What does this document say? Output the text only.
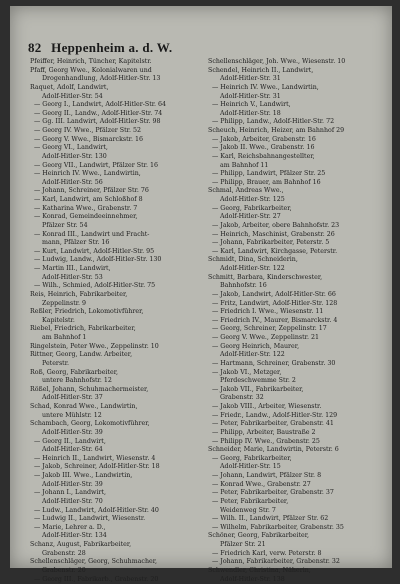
82 Heppenheim a. d. W.
Pfeiffer, Heinrich, Tüncher, Kapitelstr.
Pfaff, Georg Wwe., Kolonialwaren und
Drogenhandlung, Adolf-Hitler-Str. 13
Raquet, Adolf, Landwirt,
Adolf-Hitler-Str. 54
— Georg I., Landwirt, Adolf-Hitler-Str. 64
— Georg II., Landw., Adolf-Hitler-Str. 74
— Gg. III. Landwirt, Adolf-Hitler-Str. 98
— Georg IV. Wwe., Pfälzer Str. 52
— Georg V. Wwe., Bismarckstr. 16
— Georg VI., Landwirt,
Adolf-Hitler-Str. 130
— Georg VII., Landwirt, Pfälzer Str. 16
— Heinrich IV. Wwe., Landwirtin,
Adolf-Hitler-Str. 56
— Johann, Schreiner, Pfälzer Str. 76
— Karl, Landwirt, am Schloßhof 8
— Katharina Wwe., Grabenstr. 7
— Konrad, Gemeindeeinnehmer,
Pfälzer Str. 54
— Konrad III., Landwirt und Fracht-
mann, Pfälzer Str. 16
— Kurt, Landwirt, Adolf-Hitler-Str. 95
— Ludwig, Landw., Adolf-Hitler-Str. 130
— Martin III., Landwirt,
Adolf-Hitler-Str. 53
— Wilh., Schmied, Adolf-Hitler-Str. 75
Reis, Heinrich, Fabrikarbeiter,
Zeppelinstr. 9
Reßler, Friedrich, Lokomotivführer,
Kapitelstr.
Riebel, Friedrich, Fabrikarbeiter,
am Bahnhof 1
Ringelstein, Peter Wwe., Zeppelinstr. 10
Rittner, Georg, Landw. Arbeiter,
Peterstr.
Roß, Georg, Fabrikarbeiter,
untere Bahnhofstr. 12
Rößel, Johann, Schuhmachermeister,
Adolf-Hitler-Str. 37
Schad, Konrad Wwe., Landwirtin,
untere Mühlstr. 12
Schambach, Georg, Lokomotivführer,
Adolf-Hitler-Str. 39
— Georg II., Landwirt,
Adolf-Hitler-Str. 64
— Heinrich II., Landwirt, Wiesenstr. 4
— Jakob, Schreiner, Adolf-Hitler-Str. 18
— Jakob III. Wwe., Landwirtin,
Adolf-Hitler-Str. 39
— Johann I., Landwirt,
Adolf-Hitler-Str. 70
— Ludw., Landwirt, Adolf-Hitler-Str. 40
— Ludwig II., Landwirt, Wiesenstr.
— Marie, Lehrer a. D.,
Adolf-Hitler-Str. 134
Schanz, August, Fabrikarbeiter,
Grabenstr. 28
Schellenschläger, Georg, Schuhmacher,
Grabenstr. 20
— Georg III., Fabrikarb., Grabenstr. 20
Schellenschläger, Joh. Wwe., Wiesenstr. 10
Schendel, Heinrich II., Landwirt,
Adolf-Hitler-Str. 31
— Heinrich IV. Wwe., Landwirtin,
Adolf-Hitler-Str. 31
— Heinrich V., Landwirt,
Adolf-Hitler-Str. 18
— Philipp, Landw., Adolf-Hitler-Str. 72
Scheuch, Heinrich, Heizer, am Bahnhof 29
— Jakob, Arbeiter, Grabenstr. 16
— Jakob II. Wwe., Grabenstr. 16
— Karl, Reichsbahnangestellter,
am Bahnhof 11
— Philipp, Landwirt, Pfälzer Str. 25
— Philipp, Brauer, am Bahnhof 16
Schmal, Andreas Wwe.,
Adolf-Hitler-Str. 125
— Georg, Fabrikarbeiter,
Adolf-Hitler-Str. 27
— Jakob, Arbeiter, obere Bahnhofstr. 23
— Heinrich, Maschinist, Grabenstr. 26
— Johann, Fabrikarbeiter, Peterstr. 5
— Karl, Landwirt, Kirchgasse, Peterstr.
Schmidt, Dina, Schneiderin,
Adolf-Hitler-Str. 122
Schmitt, Barbara, Kinderschwester,
Bahnhofstr. 16
— Jakob, Landwirt, Adolf-Hitler-Str. 66
— Fritz, Landwirt, Adolf-Hitler-Str. 128
— Friedrich I. Wwe., Wiesenstr. 11
— Friedrich IV., Maurer, Bismarckstr. 4
— Georg, Schreiner, Zeppelinstr. 17
— Georg V. Wwe., Zeppelinstr. 21
— Georg Heinrich, Maurer,
Adolf-Hitler-Str. 122
— Hartmann, Schreiner, Grabenstr. 30
— Jakob VI., Metzger,
Pferdeschwemme Str. 2
— Jakob VII., Fabrikarbeiter,
Grabenstr. 32
— Jakob VIII., Arbeiter, Wiesenstr.
— Friedr., Landw., Adolf-Hitler-Str. 129
— Peter, Fabrikarbeiter, Grabenstr. 41
— Philipp, Arbeiter, Baustraße 2
— Philipp IV. Wwe., Grabenstr. 25
Schneider, Marie, Landwirtin, Peterstr. 6
— Georg, Fabrikarbeiter,
Adolf-Hitler-Str. 15
— Johann, Landwirt, Pfälzer Str. 8
— Konrad Wwe., Grabenstr. 27
— Peter, Fabrikarbeiter, Grabenstr. 37
— Peter, Fabrikarbeiter,
Weidenweg Str. 7
— Wilh. II., Landwirt, Pfälzer Str. 62
— Wilhelm, Fabrikarbeiter, Grabenstr. 35
Schöner, Georg, Fabrikarbeiter,
Pfälzer Str. 21
— Friedrich Karl, verw. Peterstr. 8
— Johann, Fabrikarbeiter, Grabenstr. 32
Schwendler, Christina, Näherin,
Adolf-Hitler-Str. 138
